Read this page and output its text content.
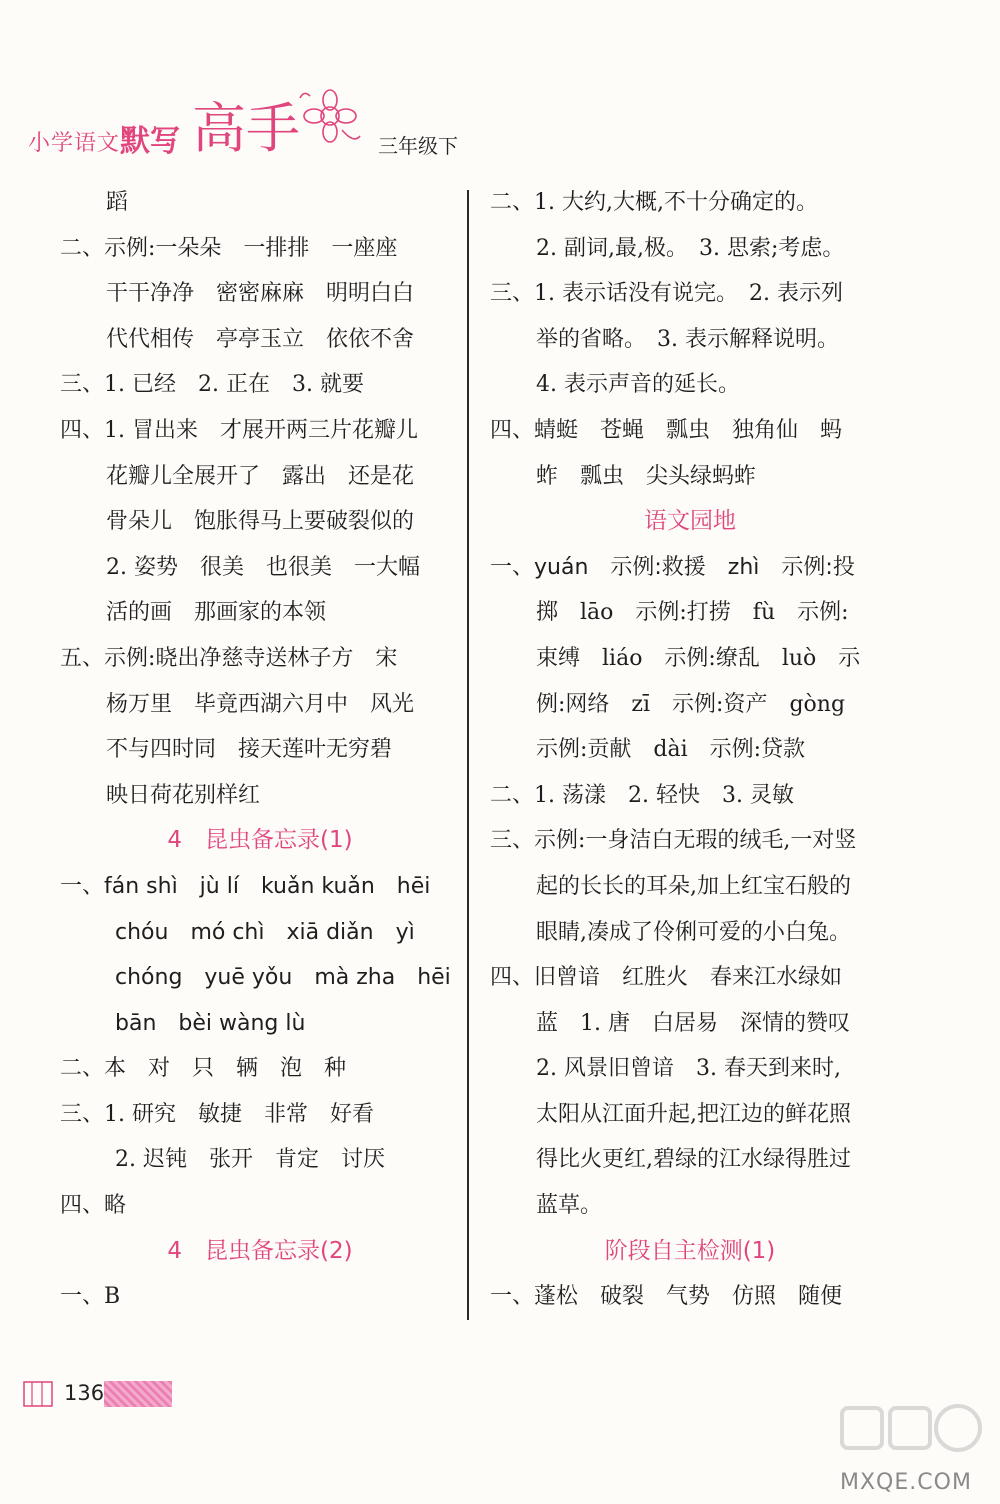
小学语文 默写 高手	三年级下
蹈
二、示例:一朵朵　一排排　一座座
干干净净　密密麻麻　明明白白
代代相传　亭亭玉立　依依不舍
三、1. 已经　2. 正在　3. 就要
四、1. 冒出来　才展开两三片花瓣儿
花瓣儿全展开了　露出　还是花
骨朵儿　饱胀得马上要破裂似的
2. 姿势　很美　也很美　一大幅
活的画　那画家的本领
五、示例:晓出净慈寺送林子方　宋
杨万里　毕竟西湖六月中　风光
不与四时同　接天莲叶无穷碧
映日荷花别样红
4　昆虫备忘录(1)
一、fán shì　jù lí　kuǎn kuǎn　hēi
chóu　mó chì　xiā diǎn　yì
chóng　yuē yǒu　mà zha　hēi
bān　bèi wàng lù
二、本　对　只　辆　泡　种
三、1. 研究　敏捷　非常　好看
2. 迟钝　张开　肯定　讨厌
四、略
4　昆虫备忘录(2)
一、B
二、1. 大约,大概,不十分确定的。
2. 副词,最,极。　3. 思索;考虑。
三、1. 表示话没有说完。　2. 表示列
举的省略。　3. 表示解释说明。
4. 表示声音的延长。
四、蜻蜓　苍蝇　瓢虫　独角仙　蚂
蚱　瓢虫　尖头绿蚂蚱
语文园地
一、yuán　示例:救援　zhì　示例:投
掷　lāo　示例:打捞　fù　示例:
束缚　liáo　示例:缭乱　luò　示
例:网络　zī　示例:资产　gòng
示例:贡献　dài　示例:贷款
二、1. 荡漾　2. 轻快　3. 灵敏
三、示例:一身洁白无瑕的绒毛,一对竖
起的长长的耳朵,加上红宝石般的
眼睛,凑成了伶俐可爱的小白兔。
四、旧曾谙　红胜火　春来江水绿如
蓝　1. 唐　白居易　深情的赞叹
2. 风景旧曾谙　3. 春天到来时,
太阳从江面升起,把江边的鲜花照
得比火更红,碧绿的江水绿得胜过
蓝草。
阶段自主检测(1)
一、蓬松　破裂　气势　仿照　随便
136
MXQE.COM
